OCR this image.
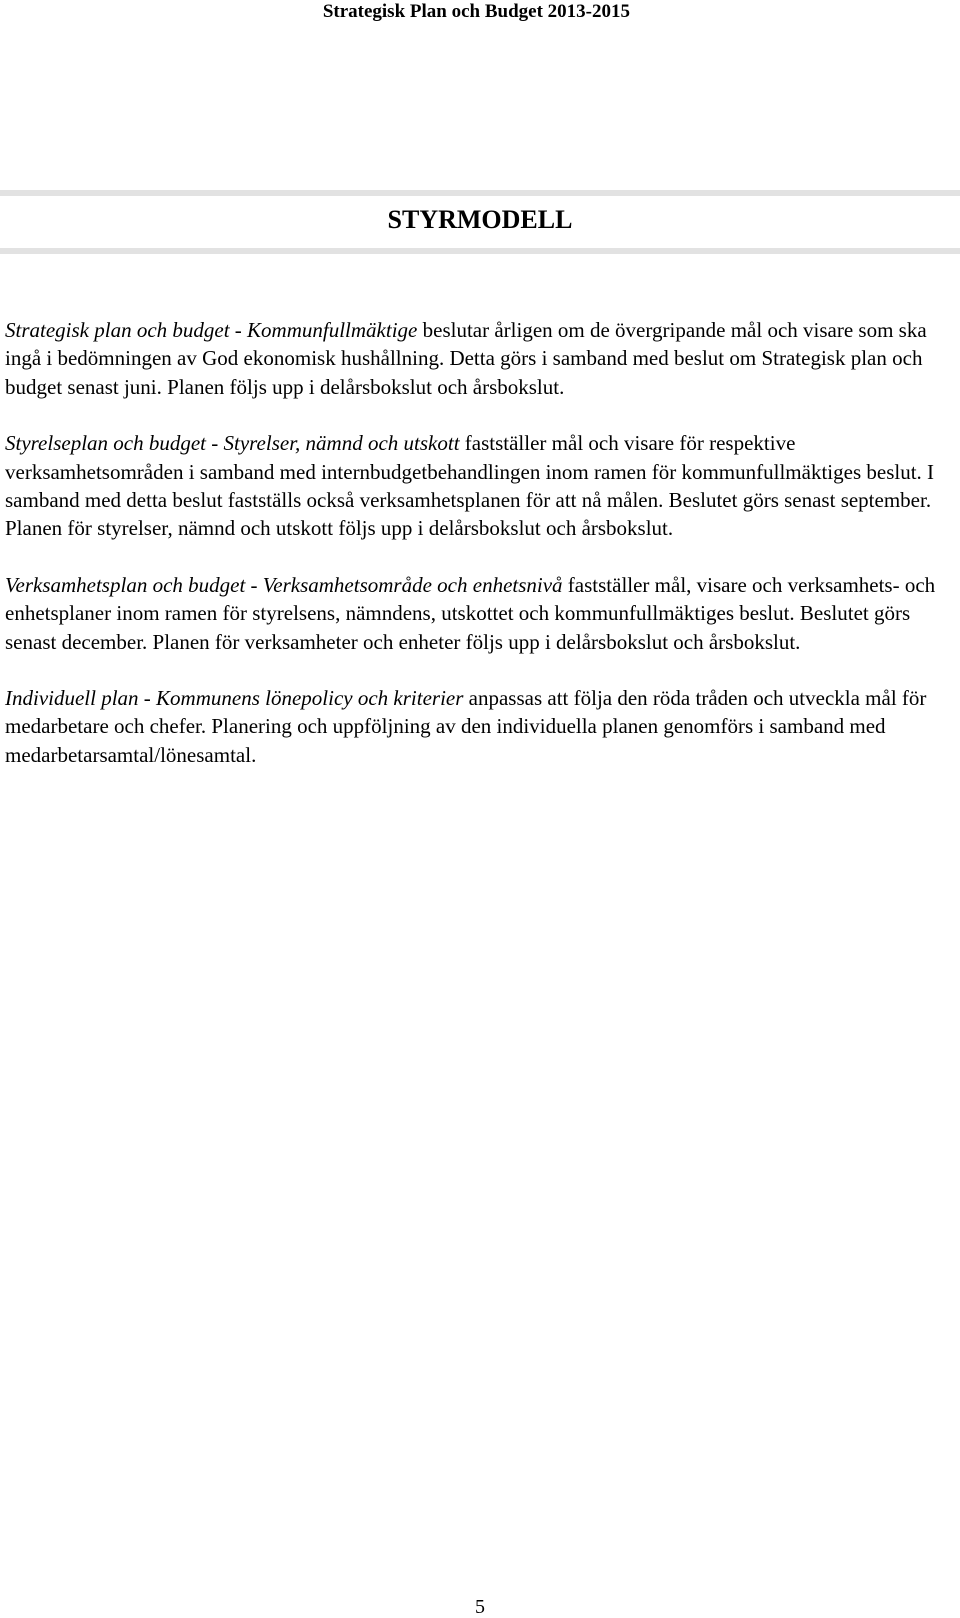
Strategisk Plan och Budget 2013-2015
STYRMODELL

Strategisk plan och budget - Kommunfullmäktige beslutar årligen om de övergripande mål och visare som ska ingå i bedömningen av God ekonomisk hushållning. Detta görs i samband med beslut om Strategisk plan och budget senast juni. Planen följs upp i delårsbokslut och årsbokslut.

Styrelseplan och budget - Styrelser, nämnd och utskott fastställer mål och visare för respektive verksamhetsområden i samband med internbudgetbehandlingen inom ramen för kommunfullmäktiges beslut. I samband med detta beslut fastställs också verksamhetsplanen för att nå målen. Beslutet görs senast september. Planen för styrelser, nämnd och utskott följs upp i delårsbokslut och årsbokslut.

Verksamhetsplan och budget - Verksamhetsområde och enhetsnivå fastställer mål, visare och verksamhets- och enhetsplaner inom ramen för styrelsens, nämndens, utskottet och kommunfullmäktiges beslut. Beslutet görs senast december. Planen för verksamheter och enheter följs upp i delårsbokslut och årsbokslut.

Individuell plan - Kommunens lönepolicy och kriterier anpassas att följa den röda tråden och utveckla mål för medarbetare och chefer. Planering och uppföljning av den individuella planen genomförs i samband med medarbetarsamtal/lönesamtal.

5
